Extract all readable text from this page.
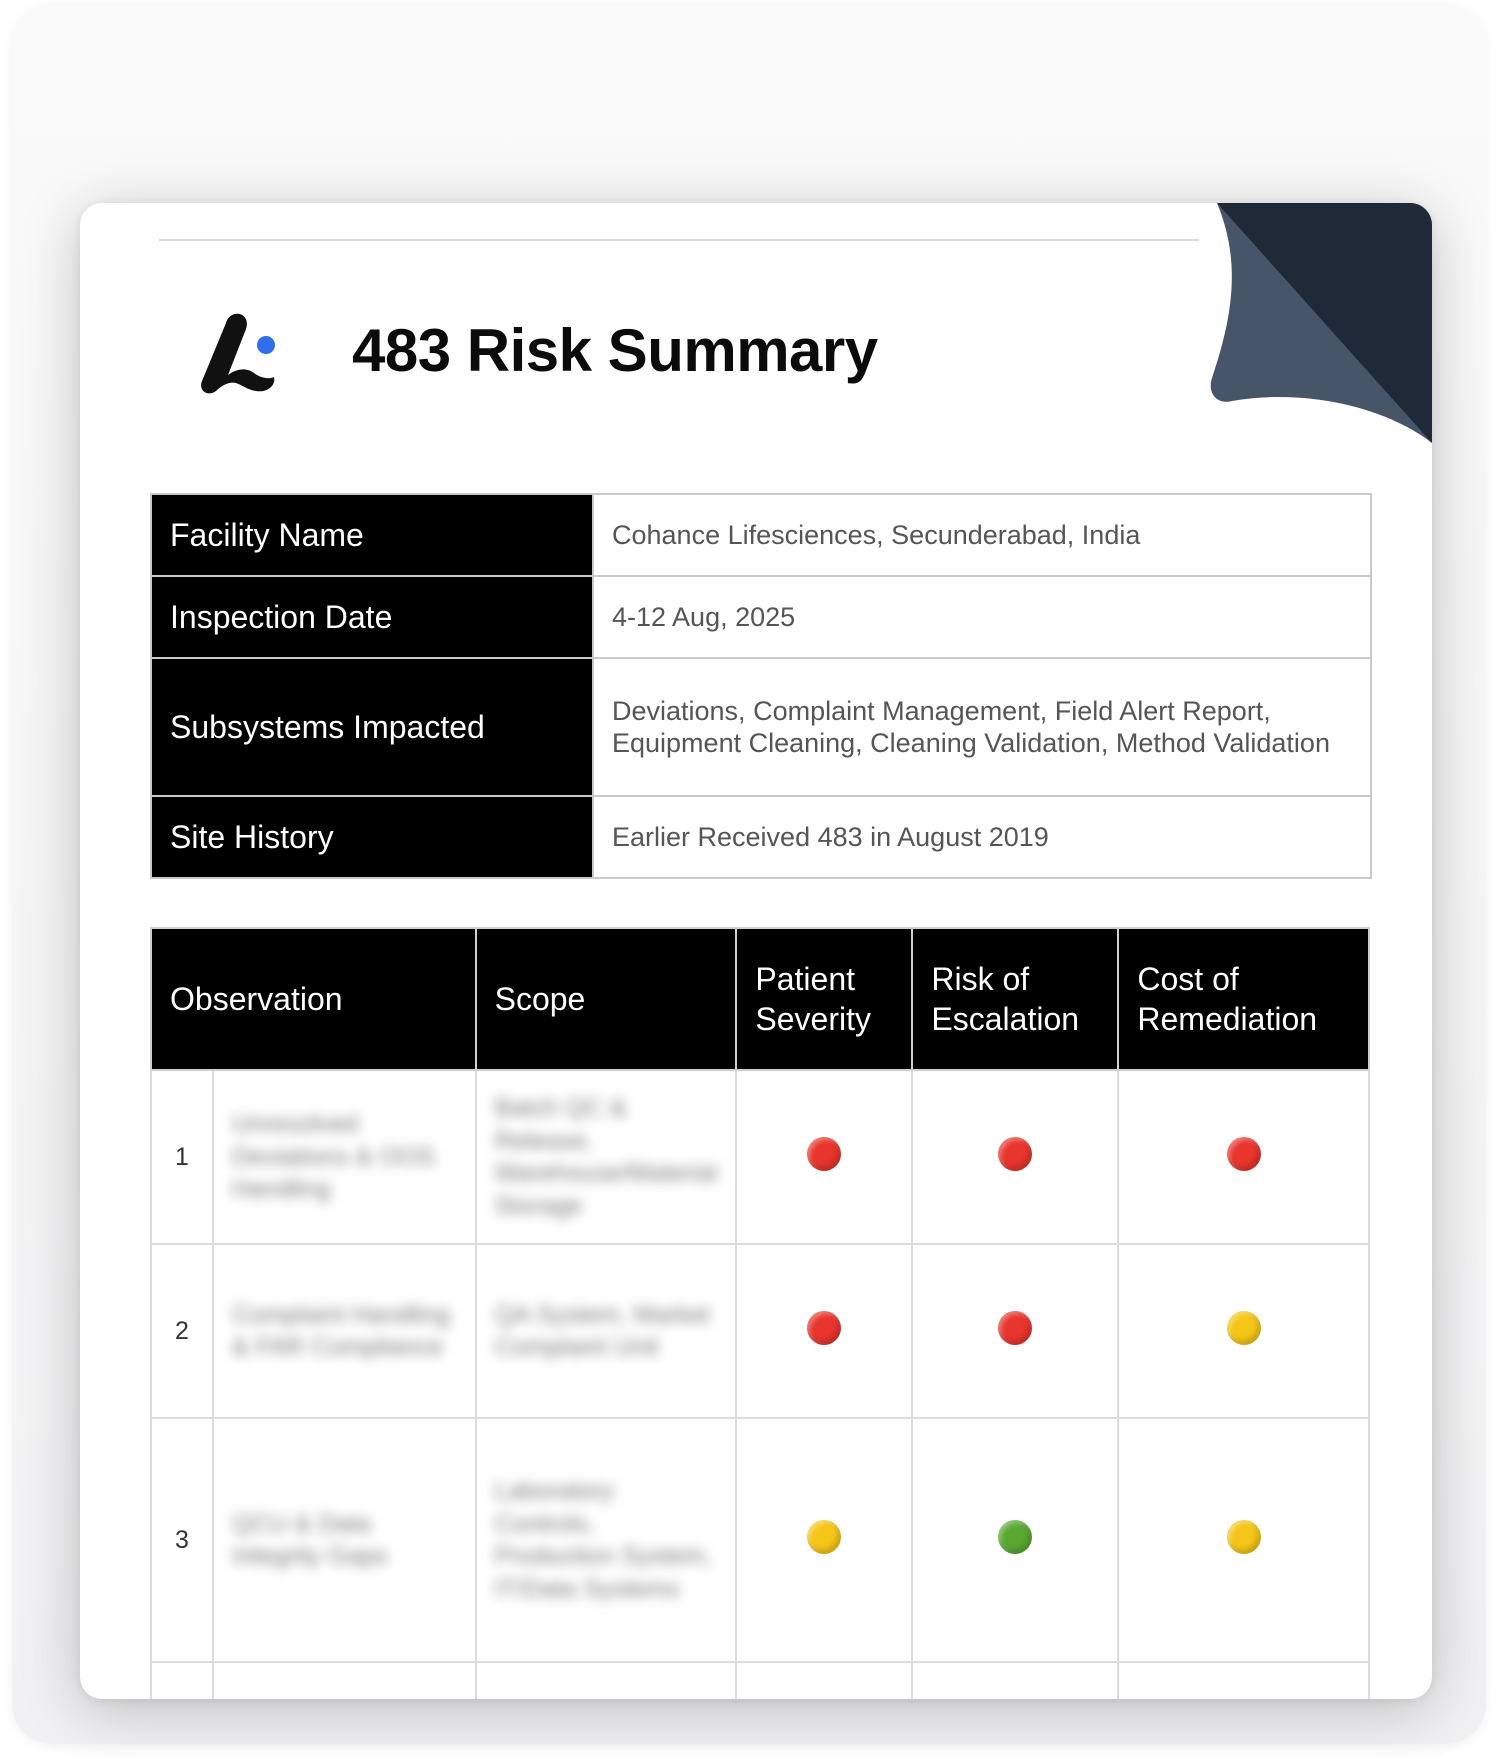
483 Risk Summary
Facility Name	Cohance Lifesciences, Secunderabad, India
Inspection Date	4-12 Aug, 2025
Subsystems Impacted	Deviations, Complaint Management, Field Alert Report, Equipment Cleaning, Cleaning Validation, Method Validation
Site History	Earlier Received 483 in August 2019
Observation		Scope	Patient Severity	Risk of Escalation	Cost of Remediation
1	Unresolved Deviations & OOS Handling	Batch QC & Release, Warehouse/Material Storage			
2	Complaint Handling & FAR Compliance	QA System, Market Complaint Unit			
3	QCU & Data Integrity Gaps	Laboratory Controls, Production System, IT/Data Systems			
